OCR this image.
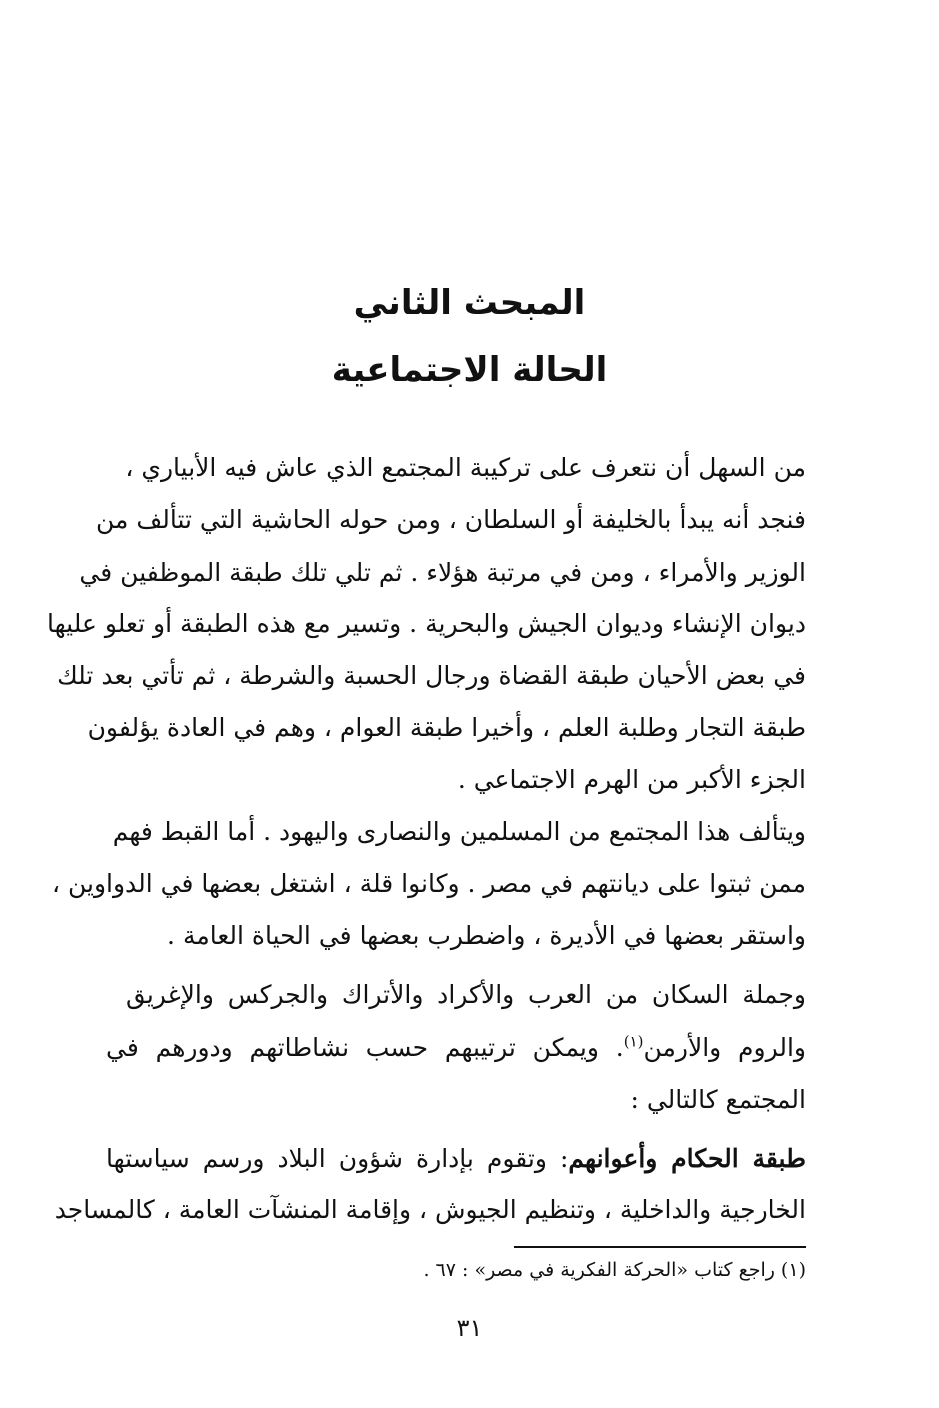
المبحث الثاني
الحالة الاجتماعية
من السهل أن نتعرف على تركيبة المجتمع الذي عاش فيه الأبياري ،
فنجد أنه يبدأ بالخليفة أو السلطان ، ومن حوله الحاشية التي تتألف من
الوزير والأمراء ، ومن في مرتبة هؤلاء . ثم تلي تلك طبقة الموظفين في
ديوان الإنشاء وديوان الجيش والبحرية . وتسير مع هذه الطبقة أو تعلو عليها
في بعض الأحيان طبقة القضاة ورجال الحسبة والشرطة ، ثم تأتي بعد تلك
طبقة التجار وطلبة العلم ، وأخيرا طبقة العوام ، وهم في العادة يؤلفون
الجزء الأكبر من الهرم الاجتماعي .
ويتألف هذا المجتمع من المسلمين والنصارى واليهود . أما القبط فهم
ممن ثبتوا على ديانتهم في مصر . وكانوا قلة ، اشتغل بعضها في الدواوين ،
واستقر بعضها في الأديرة ، واضطرب بعضها في الحياة العامة .
وجملة السكان من العرب والأكراد والأتراك والجركس والإغريق
والروم والأرمن$^{(١)}$. ويمكن ترتيبهم حسب نشاطاتهم ودورهم في
المجتمع كالتالي :
طبقة الحكام وأعوانهم: وتقوم بإدارة شؤون البلاد ورسم سياستها
الخارجية والداخلية ، وتنظيم الجيوش ، وإقامة المنشآت العامة ، كالمساجد
(١) راجع كتاب «الحركة الفكرية في مصر» : ٦٧ .
٣١
